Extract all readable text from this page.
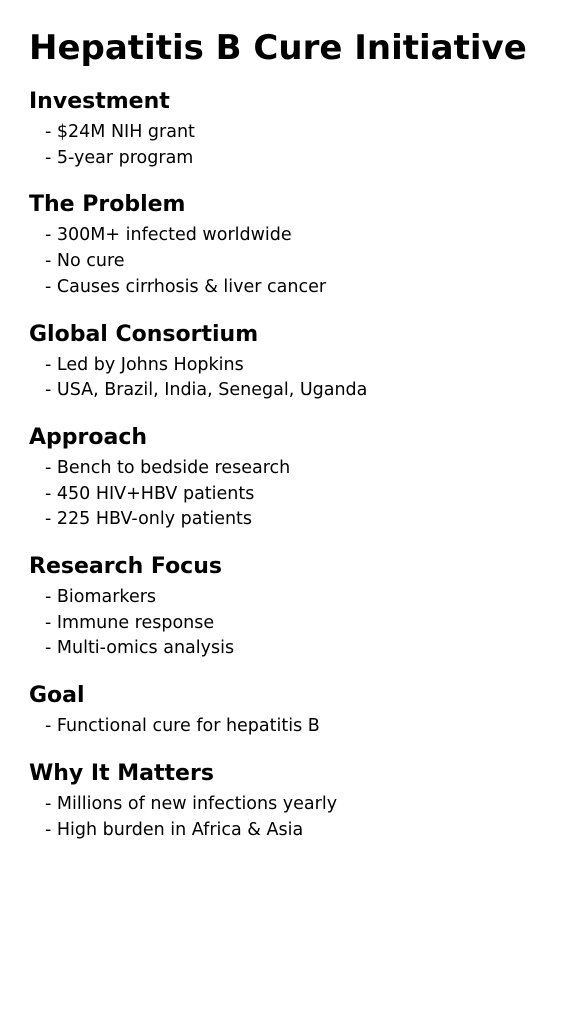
Hepatitis B Cure Initiative
Investment
- $24M NIH grant
- 5-year program
The Problem
- 300M+ infected worldwide
- No cure
- Causes cirrhosis & liver cancer
Global Consortium
- Led by Johns Hopkins
- USA, Brazil, India, Senegal, Uganda
Approach
- Bench to bedside research
- 450 HIV+HBV patients
- 225 HBV-only patients
Research Focus
- Biomarkers
- Immune response
- Multi-omics analysis
Goal
- Functional cure for hepatitis B
Why It Matters
- Millions of new infections yearly
- High burden in Africa & Asia
